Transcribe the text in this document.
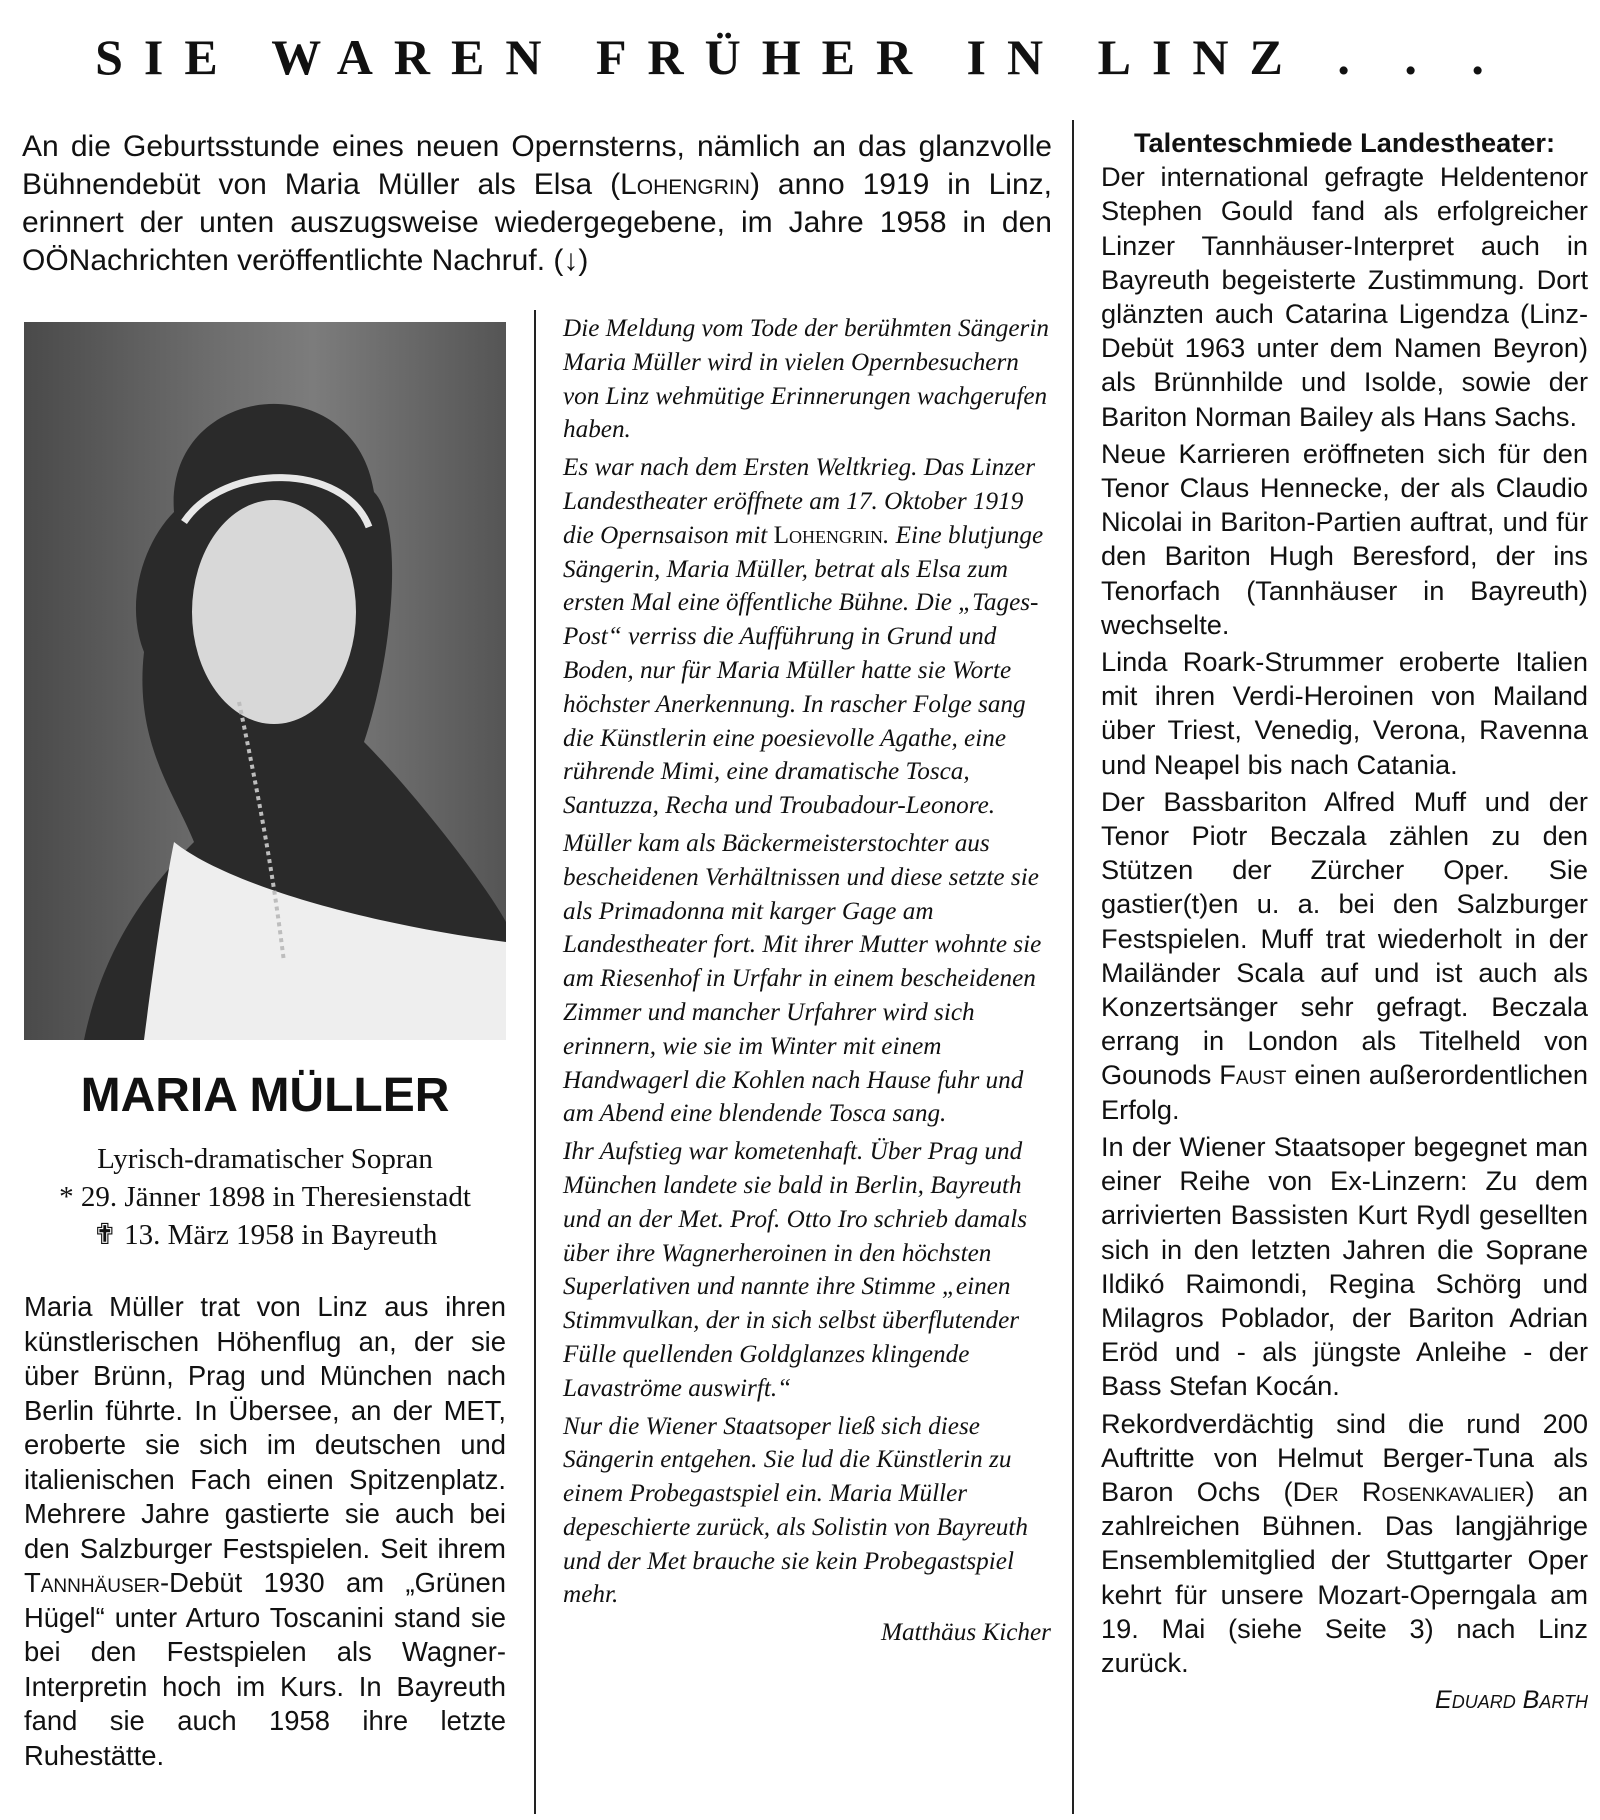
SIE WAREN FRÜHER IN LINZ . . .
An die Geburtsstunde eines neuen Opernsterns, nämlich an das glanzvolle Bühnendebüt von Maria Müller als Elsa (Lohengrin) anno 1919 in Linz, erinnert der unten auszugsweise wiedergegebene, im Jahre 1958 in den OÖNachrichten veröffentlichte Nachruf. (↓)
MARIA MÜLLER
Lyrisch-dramatischer Sopran
* 29. Jänner 1898 in Theresienstadt
✟ 13. März 1958 in Bayreuth
Maria Müller trat von Linz aus ihren künstlerischen Höhenflug an, der sie über Brünn, Prag und München nach Berlin führte. In Übersee, an der MET, eroberte sie sich im deutschen und italienischen Fach einen Spitzenplatz. Mehrere Jahre gastierte sie auch bei den Salzburger Festspielen. Seit ihrem Tannhäuser-Debüt 1930 am „Grünen Hügel“ unter Arturo Toscanini stand sie bei den Festspielen als Wagner-Interpretin hoch im Kurs. In Bayreuth fand sie auch 1958 ihre letzte Ruhestätte.

Die Meldung vom Tode der berühmten Sängerin Maria Müller wird in vielen Opernbesuchern von Linz wehmütige Erinnerungen wachgerufen haben.

Es war nach dem Ersten Weltkrieg. Das Linzer Landestheater eröffnete am 17. Oktober 1919 die Opernsaison mit Lohengrin. Eine blutjunge Sängerin, Maria Müller, betrat als Elsa zum ersten Mal eine öffentliche Bühne. Die „Tages-Post“ verriss die Aufführung in Grund und Boden, nur für Maria Müller hatte sie Worte höchster Anerkennung. In rascher Folge sang die Künstlerin eine poesievolle Agathe, eine rührende Mimi, eine dramatische Tosca, Santuzza, Recha und Troubadour-Leonore.

Müller kam als Bäckermeisterstochter aus bescheidenen Verhältnissen und diese setzte sie als Primadonna mit karger Gage am Landestheater fort. Mit ihrer Mutter wohnte sie am Riesenhof in Urfahr in einem bescheidenen Zimmer und mancher Urfahrer wird sich erinnern, wie sie im Winter mit einem Handwagerl die Kohlen nach Hause fuhr und am Abend eine blendende Tosca sang.

Ihr Aufstieg war kometenhaft. Über Prag und München landete sie bald in Berlin, Bayreuth und an der Met. Prof. Otto Iro schrieb damals über ihre Wagnerheroinen in den höchsten Superlativen und nannte ihre Stimme „einen Stimmvulkan, der in sich selbst überflutender Fülle quellenden Goldglanzes klingende Lavaströme auswirft.“

Nur die Wiener Staatsoper ließ sich diese Sängerin entgehen. Sie lud die Künstlerin zu einem Probegastspiel ein. Maria Müller depeschierte zurück, als Solistin von Bayreuth und der Met brauche sie kein Probegastspiel mehr.

Matthäus Kicher

Talenteschmiede Landestheater:

Der international gefragte Heldentenor Stephen Gould fand als erfolgreicher Linzer Tannhäuser-Interpret auch in Bayreuth begeisterte Zustimmung. Dort glänzten auch Catarina Ligendza (Linz-Debüt 1963 unter dem Namen Beyron) als Brünnhilde und Isolde, sowie der Bariton Norman Bailey als Hans Sachs.

Neue Karrieren eröffneten sich für den Tenor Claus Hennecke, der als Claudio Nicolai in Bariton-Partien auftrat, und für den Bariton Hugh Beresford, der ins Tenorfach (Tannhäuser in Bayreuth) wechselte.

Linda Roark-Strummer eroberte Italien mit ihren Verdi-Heroinen von Mailand über Triest, Venedig, Verona, Ravenna und Neapel bis nach Catania.

Der Bassbariton Alfred Muff und der Tenor Piotr Beczala zählen zu den Stützen der Zürcher Oper. Sie gastier(t)en u. a. bei den Salzburger Festspielen. Muff trat wiederholt in der Mailänder Scala auf und ist auch als Konzertsänger sehr gefragt. Beczala errang in London als Titelheld von Gounods Faust einen außerordentlichen Erfolg.

In der Wiener Staatsoper begegnet man einer Reihe von Ex-Linzern: Zu dem arrivierten Bassisten Kurt Rydl gesellten sich in den letzten Jahren die Soprane Ildikó Raimondi, Regina Schörg und Milagros Poblador, der Bariton Adrian Eröd und - als jüngste Anleihe - der Bass Stefan Kocán.

Rekordverdächtig sind die rund 200 Auftritte von Helmut Berger-Tuna als Baron Ochs (Der Rosenkavalier) an zahlreichen Bühnen. Das langjährige Ensemblemitglied der Stuttgarter Oper kehrt für unsere Mozart-Operngala am 19. Mai (siehe Seite 3) nach Linz zurück.

Eduard Barth
